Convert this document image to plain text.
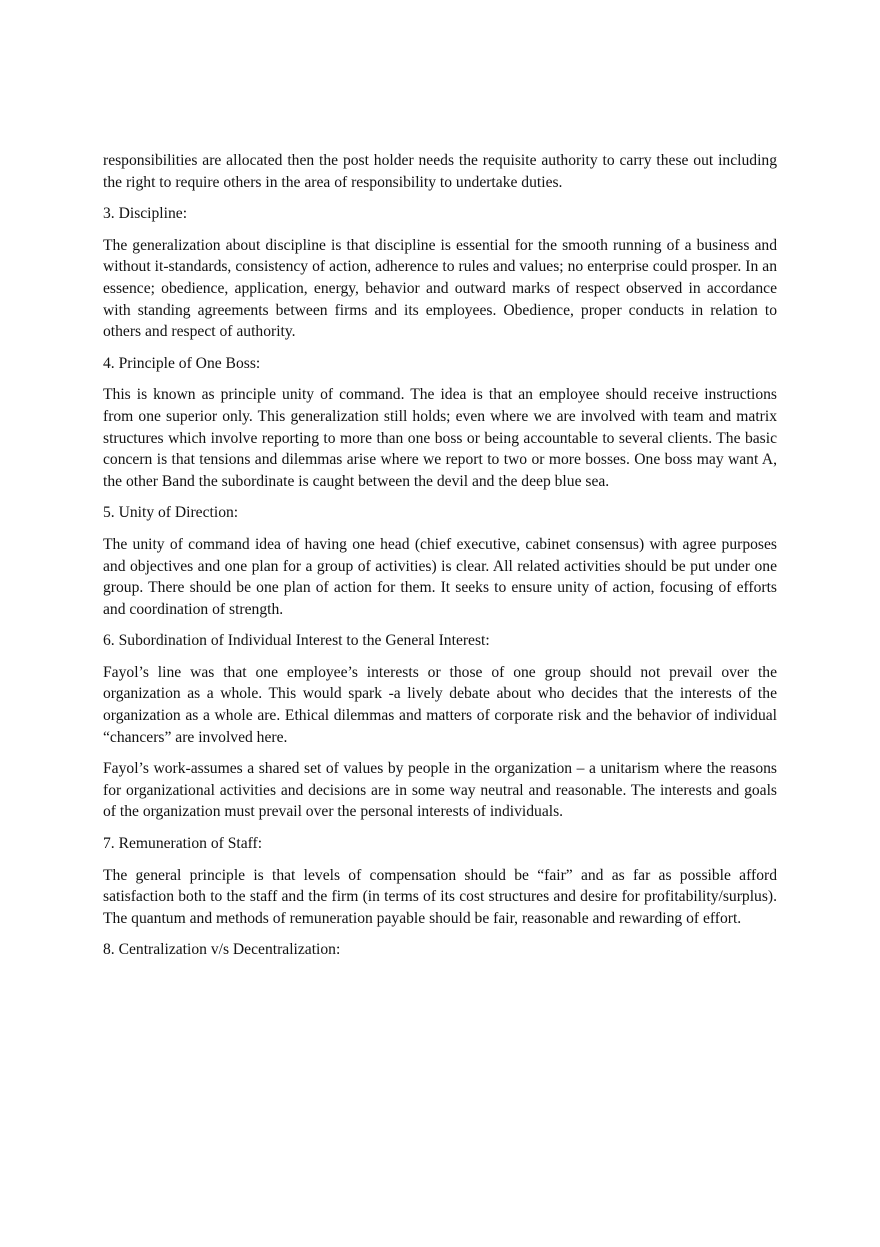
responsibilities are allocated then the post holder needs the requisite authority to carry these out including the right to require others in the area of responsibility to undertake duties.

3. Discipline:

The generalization about discipline is that discipline is essential for the smooth running of a business and without it-standards, consistency of action, adherence to rules and values; no enterprise could prosper. In an essence; obedience, application, energy, behavior and outward marks of respect observed in accordance with standing agreements between firms and its employees. Obedience, proper conducts in relation to others and respect of authority.

4. Principle of One Boss:

This is known as principle unity of command. The idea is that an employee should receive instructions from one superior only. This generalization still holds; even where we are involved with team and matrix structures which involve reporting to more than one boss or being accountable to several clients. The basic concern is that tensions and dilemmas arise where we report to two or more bosses. One boss may want A, the other Band the subordinate is caught between the devil and the deep blue sea.

5. Unity of Direction:

The unity of command idea of having one head (chief executive, cabinet consensus) with agree purposes and objectives and one plan for a group of activities) is clear. All related activities should be put under one group. There should be one plan of action for them. It seeks to ensure unity of action, focusing of efforts and coordination of strength.

6. Subordination of Individual Interest to the General Interest:

Fayol’s line was that one employee’s interests or those of one group should not prevail over the organization as a whole. This would spark -a lively debate about who decides that the interests of the organization as a whole are. Ethical dilemmas and matters of corporate risk and the behavior of individual “chancers” are involved here.

Fayol’s work-assumes a shared set of values by people in the organization – a unitarism where the reasons for organizational activities and decisions are in some way neutral and reasonable. The interests and goals of the organization must prevail over the personal interests of individuals.

7. Remuneration of Staff:

The general principle is that levels of compensation should be “fair” and as far as possible afford satisfaction both to the staff and the firm (in terms of its cost structures and desire for profitability/surplus). The quantum and methods of remuneration payable should be fair, reasonable and rewarding of effort.

8. Centralization v/s Decentralization:
